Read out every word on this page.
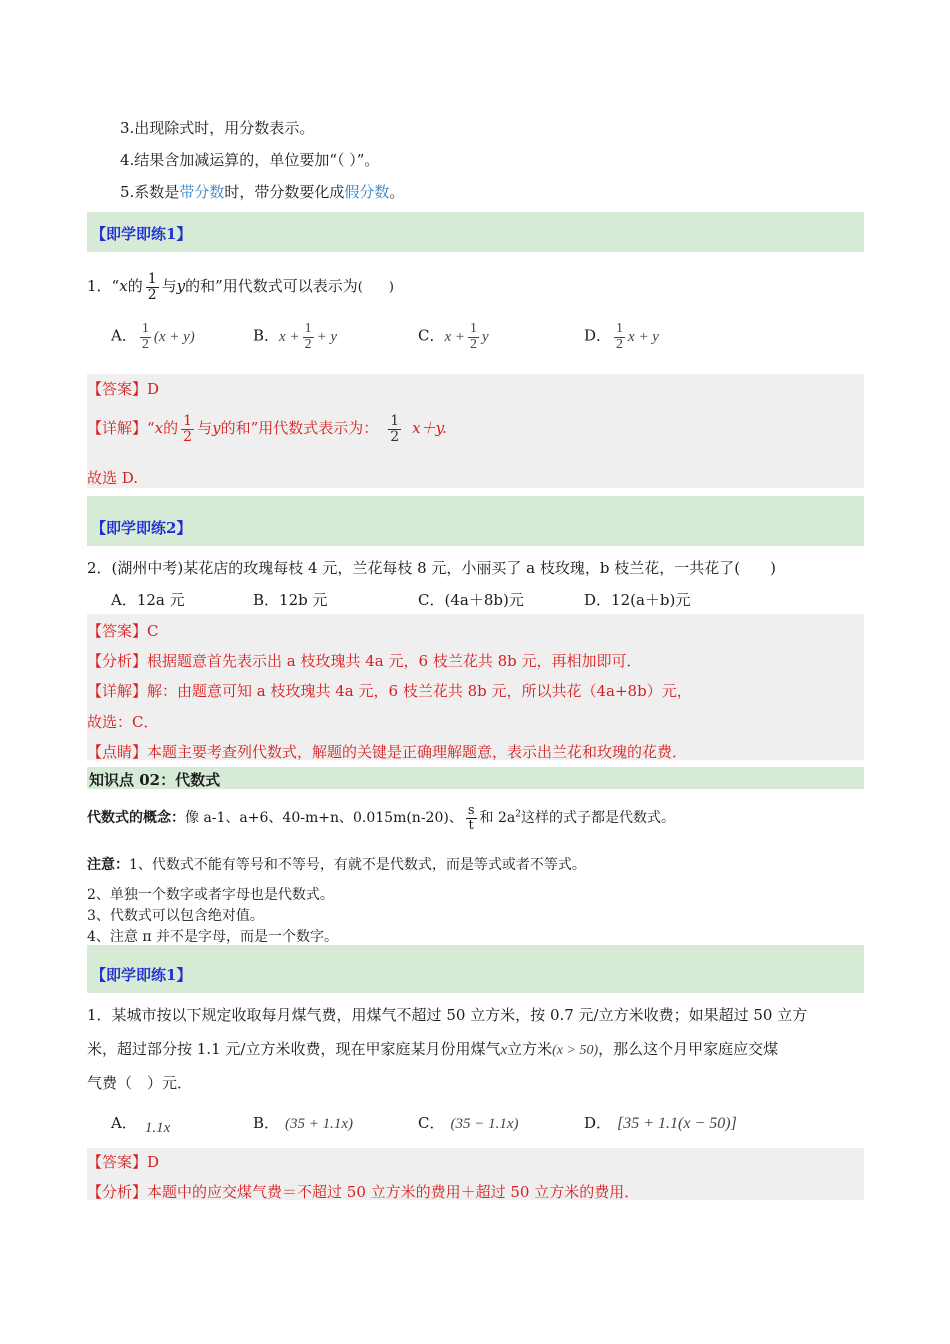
3.出现除式时，用分数表示。
4.结果含加减运算的，单位要加“（ ）”。
5.系数是带分数时，带分数要化成假分数。
【即学即练1】
1．“x的 $\frac{1}{2}$ 与y的和”用代数式可以表示为(　　)
A． $\frac{1}{2} (x + y)$	B．$x + \frac{1}{2} + y$	C．$x + \frac{1}{2}$ y	D． $\frac{1}{2}$ x + y
【答案】D
【详解】“x的 $\frac{1}{2}$ 与y的和”用代数式表示为： $\frac{1}{2} x+y$.
故选 D.
【即学即练2】
2．(湖州中考)某花店的玫瑰每枝 4 元，兰花每枝 8 元，小丽买了 a 枝玫瑰，b 枝兰花，一共花了(　　)
A．12a 元	B．12b 元	C．(4a＋8b)元	D．12(a＋b)元
【答案】C
【分析】根据题意首先表示出 a 枝玫瑰共 4a 元，6 枝兰花共 8b 元，再相加即可．
【详解】解：由题意可知 a 枝玫瑰共 4a 元，6 枝兰花共 8b 元，所以共花（4a+8b）元，
故选：C．
【点睛】本题主要考查列代数式，解题的关键是正确理解题意，表示出兰花和玫瑰的花费．
知识点 02：代数式
代数式的概念：像 a-1、a+6、40-m+n、0.015m(n-20)、 $\frac{s}{t}$ 和 $2a^2$这样的式子都是代数式。
注意：1、代数式不能有等号和不等号，有就不是代数式，而是等式或者不等式。
2、单独一个数字或者字母也是代数式。
3、代数式可以包含绝对值。
4、注意 π 并不是字母，而是一个数字。
【即学即练1】
1．某城市按以下规定收取每月煤气费，用煤气不超过 50 立方米，按 0.7 元/立方米收费；如果超过 50 立方
米，超过部分按 1.1 元/立方米收费，现在甲家庭某月份用煤气x立方米(x > 50)，那么这个月甲家庭应交煤
气费（　）元．
A． 1.1x	B． (35 + 1.1x)	C． (35 − 1.1x)	D． [35 + 1.1(x − 50)]
【答案】D
【分析】本题中的应交煤气费＝不超过 50 立方米的费用＋超过 50 立方米的费用．
